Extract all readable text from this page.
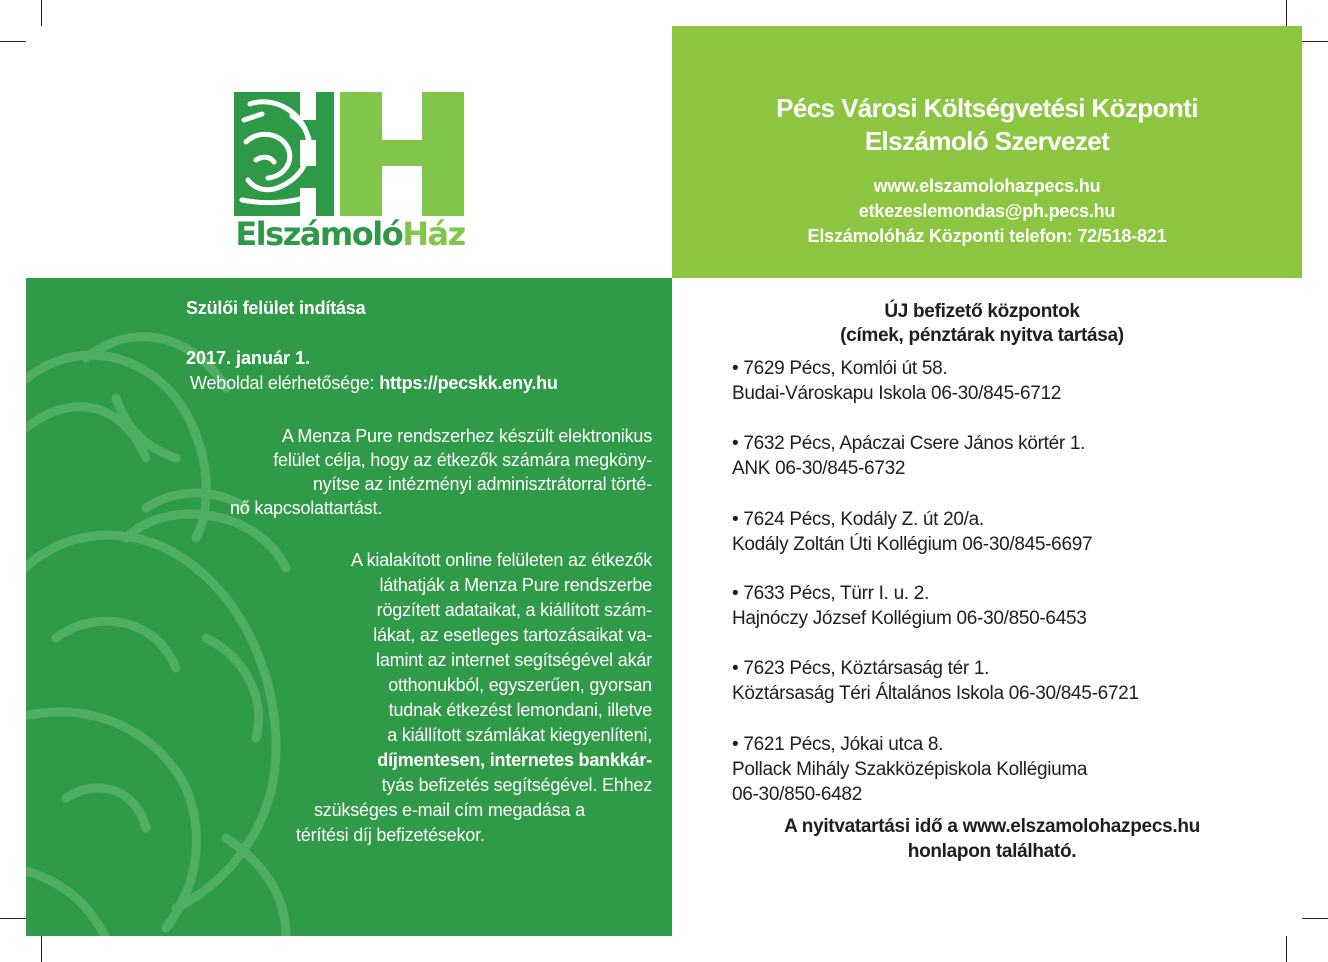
ElszámolóHáz
Pécs Városi Költségvetési Központi
Elszámoló Szervezet
www.elszamolohazpecs.hu
etkezeslemondas@ph.pecs.hu
Elszámolóház Központi telefon: 72/518-821
Szülői felület indítása
2017. január 1.
Weboldal elérhetősége: https://pecskk.eny.hu
A Menza Pure rendszerhez készült elektronikus
felület célja, hogy az étkezők számára megköny-
nyítse az intézményi adminisztrátorral törté-
nő kapcsolattartást.
A kialakított online felületen az étkezők
láthatják a Menza Pure rendszerbe
rögzített adataikat, a kiállított szám-
lákat, az esetleges tartozásaikat va-
lamint az internet segítségével akár
otthonukból, egyszerűen, gyorsan
tudnak étkezést lemondani, illetve
a kiállított számlákat kiegyenlíteni,
díjmentesen, internetes bankkár-
tyás befizetés segítségével. Ehhez
szükséges e-mail cím megadása a
térítési díj befizetésekor.
ÚJ befizető központok
(címek, pénztárak nyitva tartása)
• 7629 Pécs, Komlói út 58.
Budai-Városkapu Iskola 06-30/845-6712
• 7632 Pécs, Apáczai Csere János körtér 1.
ANK 06-30/845-6732
• 7624 Pécs, Kodály Z. út 20/a.
Kodály Zoltán Úti Kollégium 06-30/845-6697
• 7633 Pécs, Türr I. u. 2.
Hajnóczy József Kollégium 06-30/850-6453
• 7623 Pécs, Köztársaság tér 1.
Köztársaság Téri Általános Iskola 06-30/845-6721
• 7621 Pécs, Jókai utca 8.
Pollack Mihály Szakközépiskola Kollégiuma
06-30/850-6482
A nyitvatartási idő a www.elszamolohazpecs.hu
honlapon található.
